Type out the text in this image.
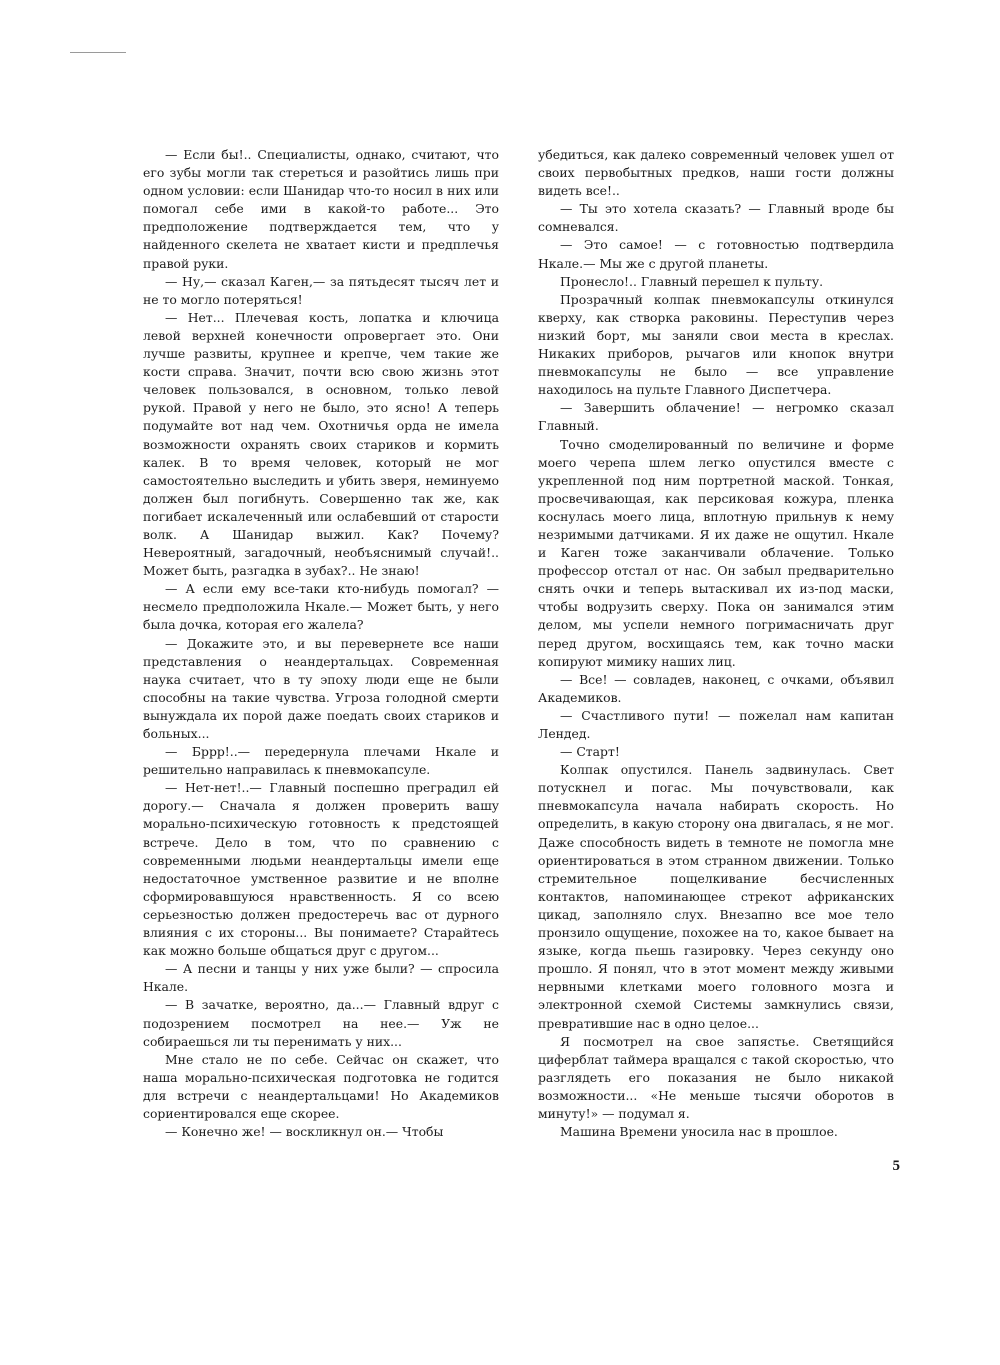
— Если бы!.. Специалисты, однако, считают, что его зубы могли так стереться и разойтись лишь при одном условии: если Шанидар что-то носил в них или помогал себе ими в какой-то работе... Это предположение подтверждается тем, что у найденного скелета не хватает кисти и предплечья правой руки.

— Ну,— сказал Каген,— за пятьдесят тысяч лет и не то могло потеряться!

— Нет... Плечевая кость, лопатка и ключица левой верхней конечности опровергает это. Они лучше развиты, крупнее и крепче, чем такие же кости справа. Значит, почти всю свою жизнь этот человек пользовался, в основном, только левой рукой. Правой у него не было, это ясно! А теперь подумайте вот над чем. Охотничья орда не имела возможности охранять своих стариков и кормить калек. В то время человек, который не мог самостоятельно выследить и убить зверя, неминуемо должен был погибнуть. Совершенно так же, как погибает искалеченный или ослабевший от старости волк. А Шанидар выжил. Как? Почему? Невероятный, загадочный, необъяснимый случай!.. Может быть, разгадка в зубах?.. Не знаю!

— А если ему все-таки кто-нибудь помогал? — несмело предположила Нкале.— Может быть, у него была дочка, которая его жалела?

— Докажите это, и вы перевернете все наши представления о неандертальцах. Современная наука считает, что в ту эпоху люди еще не были способны на такие чувства. Угроза голодной смерти вынуждала их порой даже поедать своих стариков и больных...

— Бррр!..— передернула плечами Нкале и решительно направилась к пневмокапсуле.

— Нет-нет!..— Главный поспешно преградил ей дорогу.— Сначала я должен проверить вашу морально-психическую готовность к предстоящей встрече. Дело в том, что по сравнению с современными людьми неандертальцы имели еще недостаточное умственное развитие и не вполне сформировавшуюся нравственность. Я со всею серьезностью должен предостеречь вас от дурного влияния с их стороны... Вы понимаете? Старайтесь как можно больше общаться друг с другом...

— А песни и танцы у них уже были? — спросила Нкале.

— В зачатке, вероятно, да...— Главный вдруг с подозрением посмотрел на нее.— Уж не собираешься ли ты перенимать у них...

Мне стало не по себе. Сейчас он скажет, что наша морально-психическая подготовка не годится для встречи с неандертальцами! Но Академиков сориентировался еще скорее.

— Конечно же! — воскликнул он.— Чтобы

убедиться, как далеко современный человек ушел от своих первобытных предков, наши гости должны видеть все!..

— Ты это хотела сказать? — Главный вроде бы сомневался.

— Это самое! — с готовностью подтвердила Нкале.— Мы же с другой планеты.

Пронесло!.. Главный перешел к пульту.

Прозрачный колпак пневмокапсулы откинулся кверху, как створка раковины. Переступив через низкий борт, мы заняли свои места в креслах. Никаких приборов, рычагов или кнопок внутри пневмокапсулы не было — все управление находилось на пульте Главного Диспетчера.

— Завершить облачение! — негромко сказал Главный.

Точно смоделированный по величине и форме моего черепа шлем легко опустился вместе с укрепленной под ним портретной маской. Тонкая, просвечивающая, как персиковая кожура, пленка коснулась моего лица, вплотную прильнув к нему незримыми датчиками. Я их даже не ощутил. Нкале и Каген тоже заканчивали облачение. Только профессор отстал от нас. Он забыл предварительно снять очки и теперь вытаскивал их из-под маски, чтобы водрузить сверху. Пока он занимался этим делом, мы успели немного погримасничать друг перед другом, восхищаясь тем, как точно маски копируют мимику наших лиц.

— Все! — совладев, наконец, с очками, объявил Академиков.

— Счастливого пути! — пожелал нам капитан Лендед.

— Старт!

Колпак опустился. Панель задвинулась. Свет потускнел и погас. Мы почувствовали, как пневмокапсула начала набирать скорость. Но определить, в какую сторону она двигалась, я не мог. Даже способность видеть в темноте не помогла мне ориентироваться в этом странном движении. Только стремительное пощелкивание бесчисленных контактов, напоминающее стрекот африканских цикад, заполняло слух. Внезапно все мое тело пронзило ощущение, похожее на то, какое бывает на языке, когда пьешь газировку. Через секунду оно прошло. Я понял, что в этот момент между живыми нервными клетками моего головного мозга и электронной схемой Системы замкнулись связи, превратившие нас в одно целое...

Я посмотрел на свое запястье. Светящийся циферблат таймера вращался с такой скоростью, что разглядеть его показания не было никакой возможности... «Не меньше тысячи оборотов в минуту!» — подумал я.

Машина Времени уносила нас в прошлое.

5
